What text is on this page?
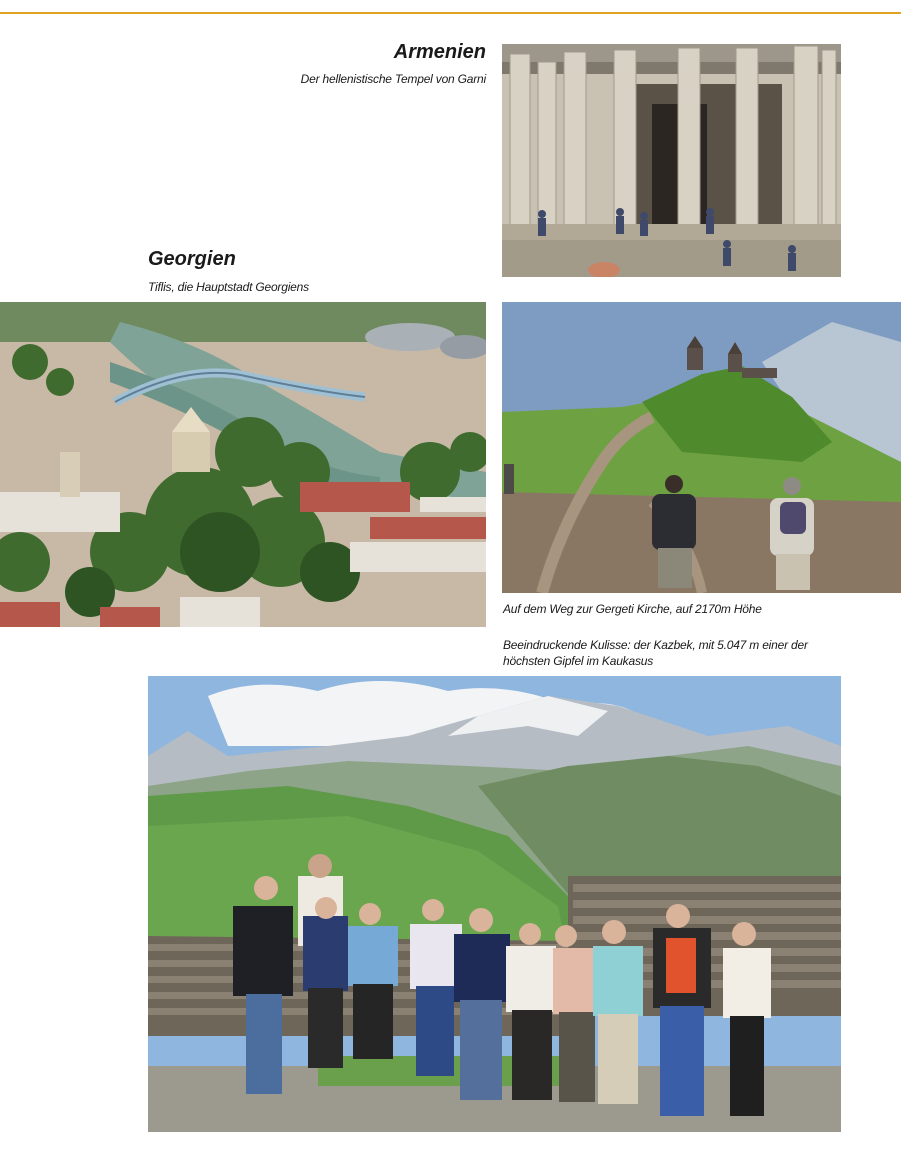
Armenien
Der hellenistische Tempel von Garni
Georgien
Tiflis, die Hauptstadt Georgiens
Auf dem Weg zur Gergeti Kirche, auf 2170m Höhe
Beeindruckende Kulisse: der Kazbek, mit 5.047 m einer der
höchsten Gipfel im Kaukasus
